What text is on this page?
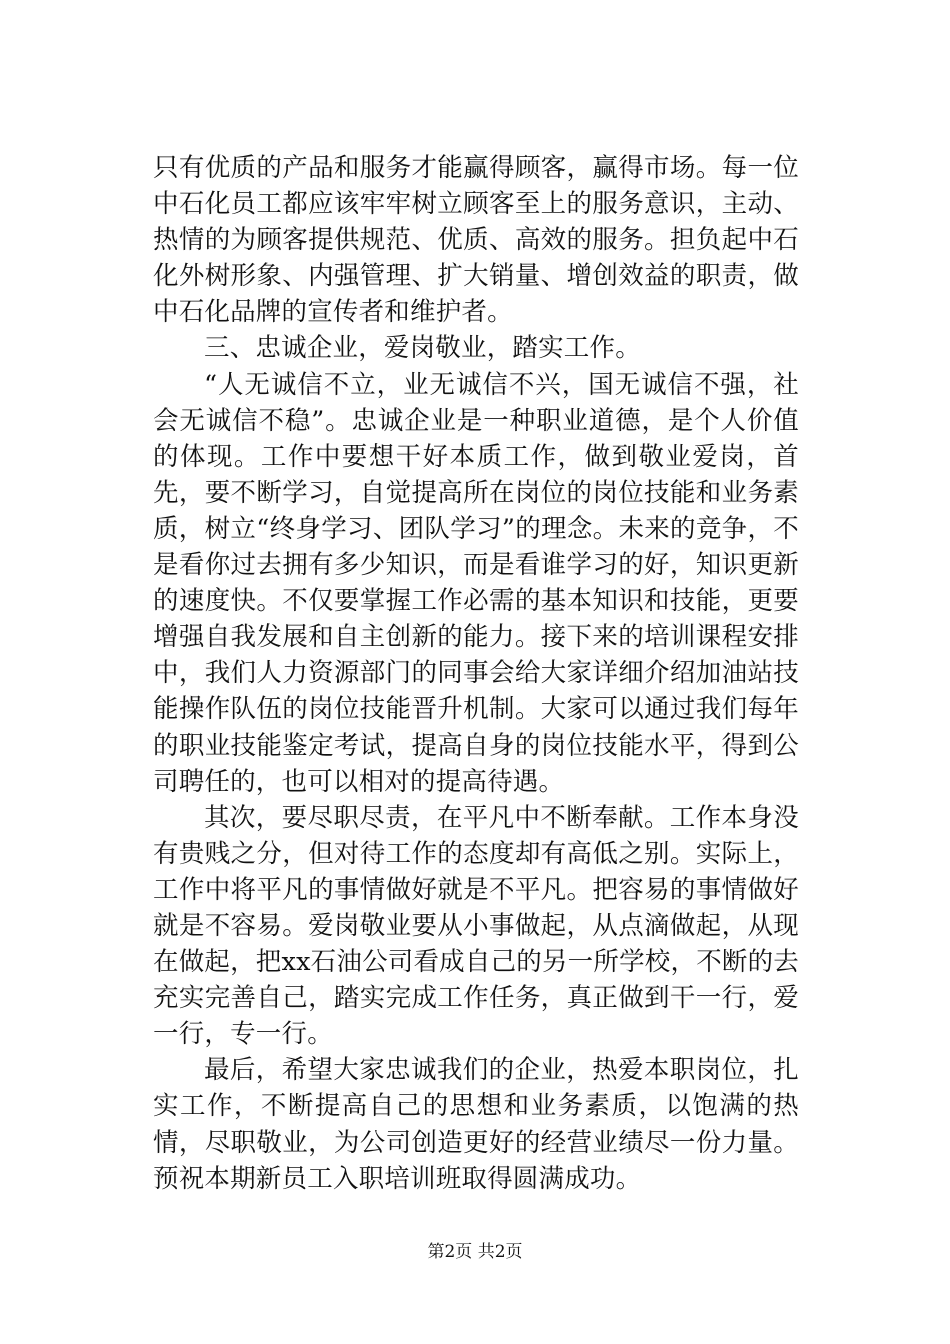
只有优质的产品和服务才能赢得顾客，赢得市场。每一位中石化员工都应该牢牢树立顾客至上的服务意识，主动、热情的为顾客提供规范、优质、高效的服务。担负起中石化外树形象、内强管理、扩大销量、增创效益的职责，做中石化品牌的宣传者和维护者。

三、忠诚企业，爱岗敬业，踏实工作。

“人无诚信不立，业无诚信不兴，国无诚信不强，社会无诚信不稳”。忠诚企业是一种职业道德，是个人价值的体现。工作中要想干好本质工作，做到敬业爱岗，首先，要不断学习，自觉提高所在岗位的岗位技能和业务素质，树立“终身学习、团队学习”的理念。未来的竞争，不是看你过去拥有多少知识，而是看谁学习的好，知识更新的速度快。不仅要掌握工作必需的基本知识和技能，更要增强自我发展和自主创新的能力。接下来的培训课程安排中，我们人力资源部门的同事会给大家详细介绍加油站技能操作队伍的岗位技能晋升机制。大家可以通过我们每年的职业技能鉴定考试，提高自身的岗位技能水平，得到公司聘任的，也可以相对的提高待遇。

其次，要尽职尽责，在平凡中不断奉献。工作本身没有贵贱之分，但对待工作的态度却有高低之别。实际上，工作中将平凡的事情做好就是不平凡。把容易的事情做好就是不容易。爱岗敬业要从小事做起，从点滴做起，从现在做起，把xx石油公司看成自己的另一所学校，不断的去充实完善自己，踏实完成工作任务，真正做到干一行，爱一行，专一行。

最后，希望大家忠诚我们的企业，热爱本职岗位，扎实工作，不断提高自己的思想和业务素质，以饱满的热情，尽职敬业，为公司创造更好的经营业绩尽一份力量。预祝本期新员工入职培训班取得圆满成功。

第2页 共2页
